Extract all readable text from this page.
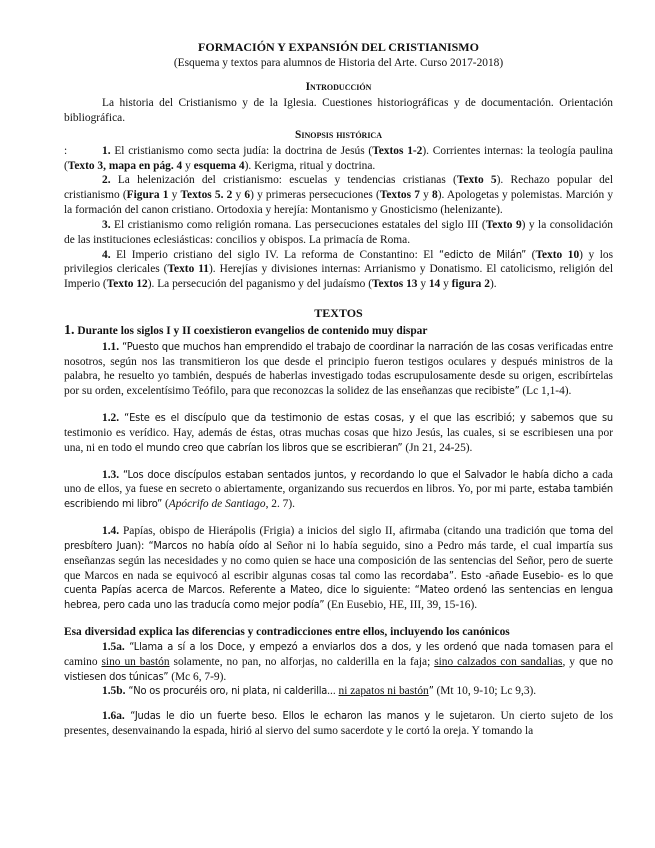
FORMACIÓN Y EXPANSIÓN DEL CRISTIANISMO

(Esquema y textos para alumnos de Historia del Arte. Curso 2017-2018)

Introducción

La historia del Cristianismo y de la Iglesia. Cuestiones historiográficas y de documentación. Orientación bibliográfica.

Sinopsis histórica

:	1. El cristianismo como secta judía: la doctrina de Jesús (Textos 1-2). Corrientes internas: la teología paulina (Texto 3, mapa en pág. 4 y esquema 4). Kerigma, ritual y doctrina.

2. La helenización del cristianismo: escuelas y tendencias cristianas (Texto 5). Rechazo popular del cristianismo (Figura 1 y Textos 5. 2 y 6) y primeras persecuciones (Textos 7 y 8). Apologetas y polemistas. Marción y la formación del canon cristiano. Ortodoxia y herejía: Montanismo y Gnosticismo (helenizante).

3. El cristianismo como religión romana. Las persecuciones estatales del siglo III (Texto 9) y la consolidación de las instituciones eclesiásticas: concilios y obispos. La primacía de Roma.

4. El Imperio cristiano del siglo IV. La reforma de Constantino: El “edicto de Milán” (Texto 10) y los privilegios clericales (Texto 11). Herejías y divisiones internas: Arrianismo y Donatismo. El catolicismo, religión del Imperio (Texto 12). La persecución del paganismo y del judaísmo (Textos 13 y 14 y figura 2).

TEXTOS

1. Durante los siglos I y II coexistieron evangelios de contenido muy dispar

1.1. “Puesto que muchos han emprendido el trabajo de coordinar la narración de las cosas verificadas entre nosotros, según nos las transmitieron los que desde el principio fueron testigos oculares y después ministros de la palabra, he resuelto yo también, después de haberlas investigado todas escrupulosamente desde su origen, escribírtelas por su orden, excelentísimo Teófilo, para que reconozcas la solidez de las enseñanzas que recibiste” (Lc 1,1-4).

1.2. “Este es el discípulo que da testimonio de estas cosas, y el que las escribió; y sabemos que su testimonio es verídico. Hay, además de éstas, otras muchas cosas que hizo Jesús, las cuales, si se escribiesen una por una, ni en todo el mundo creo que cabrían los libros que se escribieran” (Jn 21, 24-25).

1.3. “Los doce discípulos estaban sentados juntos, y recordando lo que el Salvador le había dicho a cada uno de ellos, ya fuese en secreto o abiertamente, organizando sus recuerdos en libros. Yo, por mi parte, estaba también escribiendo mi libro” (Apócrifo de Santiago, 2. 7).

1.4. Papías, obispo de Hierápolis (Frigia) a inicios del siglo II, afirmaba (citando una tradición que toma del presbítero Juan): “Marcos no había oído al Señor ni lo había seguido, sino a Pedro más tarde, el cual impartía sus enseñanzas según las necesidades y no como quien se hace una composición de las sentencias del Señor, pero de suerte que Marcos en nada se equivocó al escribir algunas cosas tal como las recordaba”. Esto -añade Eusebio- es lo que cuenta Papías acerca de Marcos. Referente a Mateo, dice lo siguiente: “Mateo ordenó las sentencias en lengua hebrea, pero cada uno las traducía como mejor podía” (En Eusebio, HE, III, 39, 15-16).

Esa diversidad explica las diferencias y contradicciones entre ellos, incluyendo los canónicos

1.5a. “Llama a sí a los Doce, y empezó a enviarlos dos a dos, y les ordenó que nada tomasen para el camino sino un bastón solamente, no pan, no alforjas, no calderilla en la faja; sino calzados con sandalias, y que no vistiesen dos túnicas” (Mc 6, 7-9).

1.5b. “No os procuréis oro, ni plata, ni calderilla... ni zapatos ni bastón” (Mt 10, 9-10; Lc 9,3).

1.6a. “Judas le dio un fuerte beso. Ellos le echaron las manos y le sujetaron. Un cierto sujeto de los presentes, desenvainando la espada, hirió al siervo del sumo sacerdote y le cortó la oreja. Y tomando la
